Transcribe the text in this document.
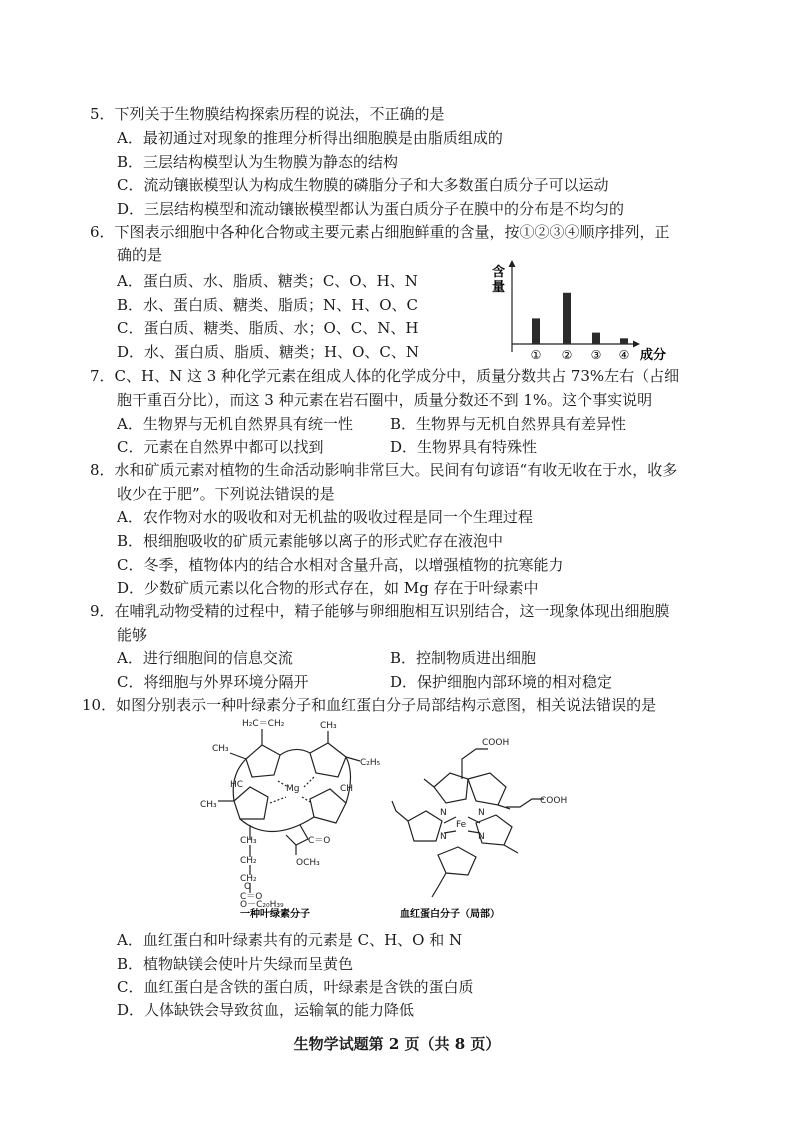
5．下列关于生物膜结构探索历程的说法，不正确的是
A．最初通过对现象的推理分析得出细胞膜是由脂质组成的
B．三层结构模型认为生物膜为静态的结构
C．流动镶嵌模型认为构成生物膜的磷脂分子和大多数蛋白质分子可以运动
D．三层结构模型和流动镶嵌模型都认为蛋白质分子在膜中的分布是不均匀的
6．下图表示细胞中各种化合物或主要元素占细胞鲜重的含量，按①②③④顺序排列，正
确的是
A．蛋白质、水、脂质、糖类；C、O、H、N
B．水、蛋白质、糖类、脂质；N、H、O、C
C．蛋白质、糖类、脂质、水；O、C、N、H
D．水、蛋白质、脂质、糖类；H、O、C、N
含
量
成分
① ② ③ ④
7．C、H、N 这 3 种化学元素在组成人体的化学成分中，质量分数共占 73%左右（占细
胞干重百分比），而这 3 种元素在岩石圈中，质量分数还不到 1%。这个事实说明
A．生物界与无机自然界具有统一性 B．生物界与无机自然界具有差异性
C．元素在自然界中都可以找到	D．生物界具有特殊性
8．水和矿质元素对植物的生命活动影响非常巨大。民间有句谚语“有收无收在于水，收多
收少在于肥”。下列说法错误的是
A．农作物对水的吸收和对无机盐的吸收过程是同一个生理过程
B．根细胞吸收的矿质元素能够以离子的形式贮存在液泡中
C．冬季，植物体内的结合水相对含量升高，以增强植物的抗寒能力
D．少数矿质元素以化合物的形式存在，如 Mg 存在于叶绿素中
9．在哺乳动物受精的过程中，精子能够与卵细胞相互识别结合，这一现象体现出细胞膜
能够
A．进行细胞间的信息交流	B．控制物质进出细胞
C．将细胞与外界环境分隔开	D．保护细胞内部环境的相对稳定
10．如图分别表示一种叶绿素分子和血红蛋白分子局部结构示意图，相关说法错误的是
H₂C＝CH₂	CH₃
CH₃
C₂H₅
CH₃
HC	Mg	CH
CH₃
CH₂
CH₂
C＝O
O
O－C₂₀H₃₉
C＝O
OCH₃
一种叶绿素分子
COOH
COOH
N	N
N	N
Fe
血红蛋白分子（局部）
A．血红蛋白和叶绿素共有的元素是 C、H、O 和 N
B．植物缺镁会使叶片失绿而呈黄色
C．血红蛋白是含铁的蛋白质，叶绿素是含铁的蛋白质
D．人体缺铁会导致贫血，运输氧的能力降低
生物学试题第 2 页（共 8 页）
